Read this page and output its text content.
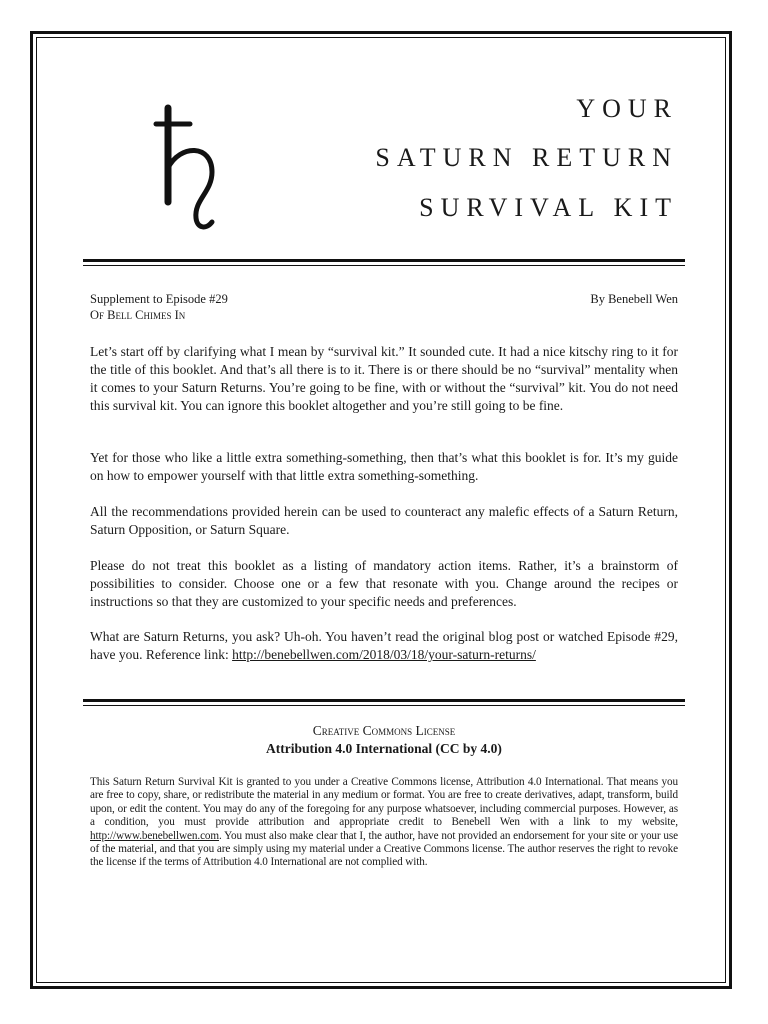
YOUR
SATURN RETURN
SURVIVAL KIT
Supplement to Episode #29
Of Bell Chimes In
By Benebell Wen

Let’s start off by clarifying what I mean by “survival kit.” It sounded cute. It had a nice kitschy ring to it for the title of this booklet. And that’s all there is to it. There is or there should be no “survival” mentality when it comes to your Saturn Returns. You’re going to be fine, with or without the “survival” kit. You do not need this survival kit. You can ignore this booklet altogether and you’re still going to be fine.

Yet for those who like a little extra something-something, then that’s what this booklet is for. It’s my guide on how to empower yourself with that little extra something-something.

All the recommendations provided herein can be used to counteract any malefic effects of a Saturn Return, Saturn Opposition, or Saturn Square.

Please do not treat this booklet as a listing of mandatory action items. Rather, it’s a brainstorm of possibilities to consider. Choose one or a few that resonate with you. Change around the recipes or instructions so that they are customized to your specific needs and preferences.

What are Saturn Returns, you ask? Uh-oh. You haven’t read the original blog post or watched Episode #29, have you. Reference link: http://benebellwen.com/2018/03/18/your-saturn-returns/

Creative Commons License
Attribution 4.0 International (CC by 4.0)

This Saturn Return Survival Kit is granted to you under a Creative Commons license, Attribution 4.0 International. That means you are free to copy, share, or redistribute the material in any medium or format. You are free to create derivatives, adapt, transform, build upon, or edit the content. You may do any of the foregoing for any purpose whatsoever, including commercial purposes. However, as a condition, you must provide attribution and appropriate credit to Benebell Wen with a link to my website, http://www.benebellwen.com. You must also make clear that I, the author, have not provided an endorsement for your site or your use of the material, and that you are simply using my material under a Creative Commons license. The author reserves the right to revoke the license if the terms of Attribution 4.0 International are not complied with.
